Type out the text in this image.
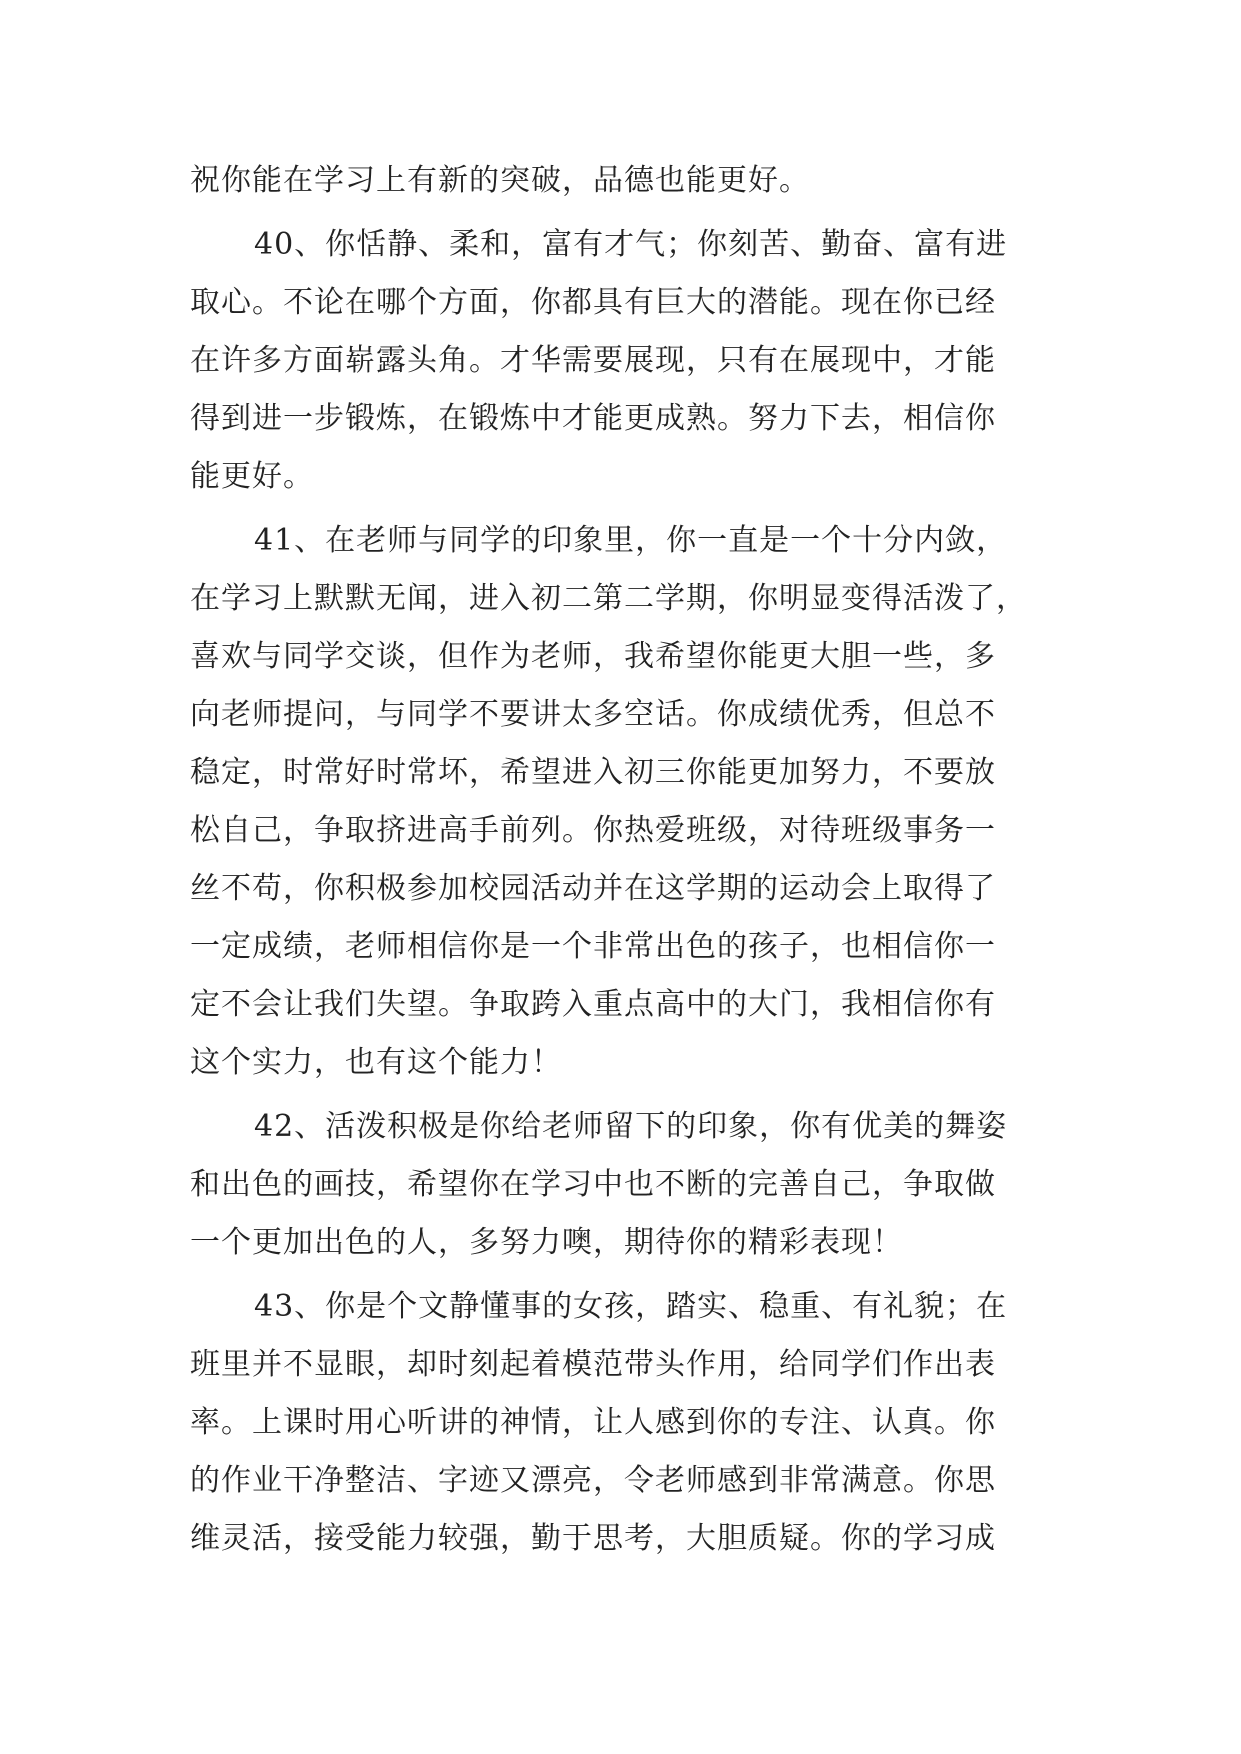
祝你能在学习上有新的突破，品德也能更好。
40、你恬静、柔和，富有才气；你刻苦、勤奋、富有进
取心。不论在哪个方面，你都具有巨大的潜能。现在你已经
在许多方面崭露头角。才华需要展现，只有在展现中，才能
得到进一步锻炼，在锻炼中才能更成熟。努力下去，相信你
能更好。
41、在老师与同学的印象里，你一直是一个十分内敛，
在学习上默默无闻，进入初二第二学期，你明显变得活泼了，
喜欢与同学交谈，但作为老师，我希望你能更大胆一些，多
向老师提问，与同学不要讲太多空话。你成绩优秀，但总不
稳定，时常好时常坏，希望进入初三你能更加努力，不要放
松自己，争取挤进高手前列。你热爱班级，对待班级事务一
丝不苟，你积极参加校园活动并在这学期的运动会上取得了
一定成绩，老师相信你是一个非常出色的孩子，也相信你一
定不会让我们失望。争取跨入重点高中的大门，我相信你有
这个实力，也有这个能力！
42、活泼积极是你给老师留下的印象，你有优美的舞姿
和出色的画技，希望你在学习中也不断的完善自己，争取做
一个更加出色的人，多努力噢，期待你的精彩表现！
43、你是个文静懂事的女孩，踏实、稳重、有礼貌；在
班里并不显眼，却时刻起着模范带头作用，给同学们作出表
率。上课时用心听讲的神情，让人感到你的专注、认真。你
的作业干净整洁、字迹又漂亮，令老师感到非常满意。你思
维灵活，接受能力较强，勤于思考，大胆质疑。你的学习成
